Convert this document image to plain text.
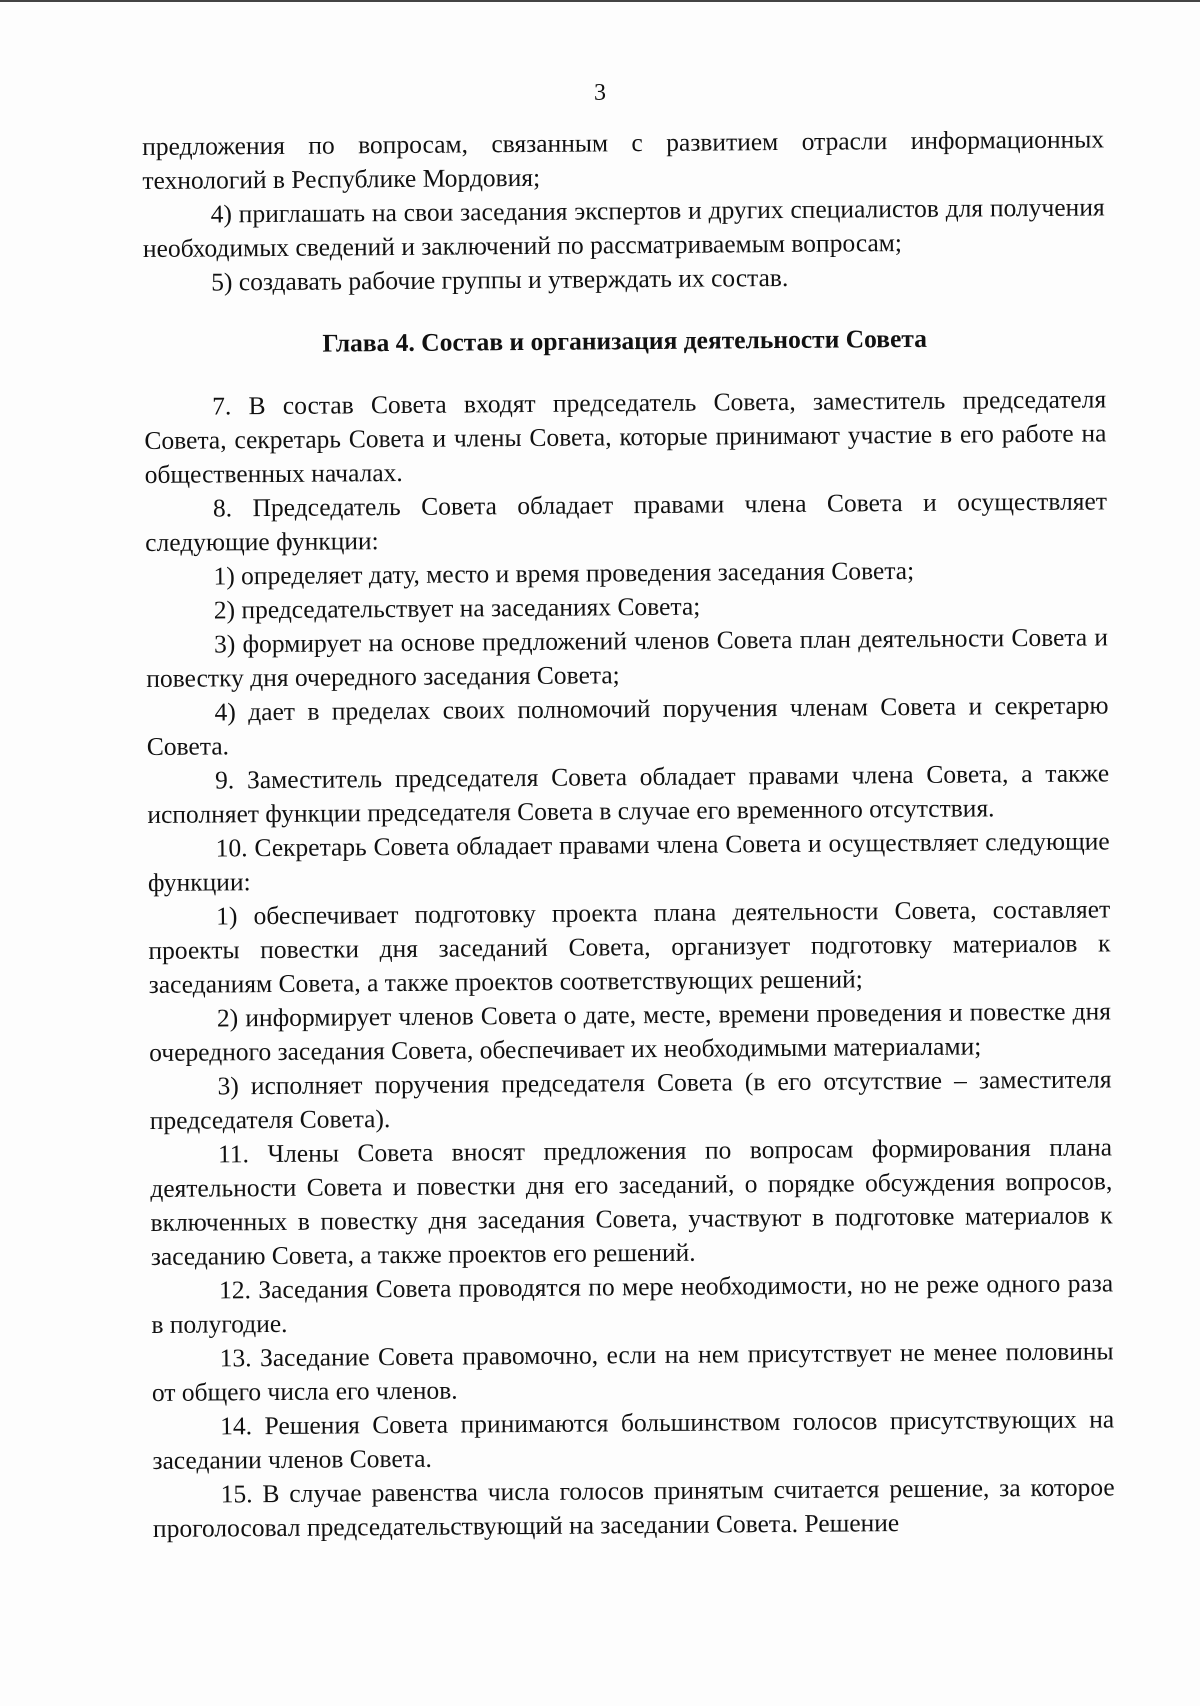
3

предложения по вопросам, связанным с развитием отрасли информационных технологий в Республике Мордовия;

4) приглашать на свои заседания экспертов и других специалистов для получения необходимых сведений и заключений по рассматриваемым вопросам;

5) создавать рабочие группы и утверждать их состав.

Глава 4. Состав и организация деятельности Совета

7. В состав Совета входят председатель Совета, заместитель председателя Совета, секретарь Совета и члены Совета, которые принимают участие в его работе на общественных началах.

8. Председатель Совета обладает правами члена Совета и осуществляет следующие функции:

1) определяет дату, место и время проведения заседания Совета;

2) председательствует на заседаниях Совета;

3) формирует на основе предложений членов Совета план деятельности Совета и повестку дня очередного заседания Совета;

4) дает в пределах своих полномочий поручения членам Совета и секретарю Совета.

9. Заместитель председателя Совета обладает правами члена Совета, а также исполняет функции председателя Совета в случае его временного отсутствия.

10. Секретарь Совета обладает правами члена Совета и осуществляет следующие функции:

1) обеспечивает подготовку проекта плана деятельности Совета, составляет проекты повестки дня заседаний Совета, организует подготовку материалов к заседаниям Совета, а также проектов соответствующих решений;

2) информирует членов Совета о дате, месте, времени проведения и повестке дня очередного заседания Совета, обеспечивает их необходимыми материалами;

3) исполняет поручения председателя Совета (в его отсутствие – заместителя председателя Совета).

11. Члены Совета вносят предложения по вопросам формирования плана деятельности Совета и повестки дня его заседаний, о порядке обсуждения вопросов, включенных в повестку дня заседания Совета, участвуют в подготовке материалов к заседанию Совета, а также проектов его решений.

12. Заседания Совета проводятся по мере необходимости, но не реже одного раза в полугодие.

13. Заседание Совета правомочно, если на нем присутствует не менее половины от общего числа его членов.

14. Решения Совета принимаются большинством голосов присутствующих на заседании членов Совета.

15. В случае равенства числа голосов принятым считается решение, за которое проголосовал председательствующий на заседании Совета. Решение
